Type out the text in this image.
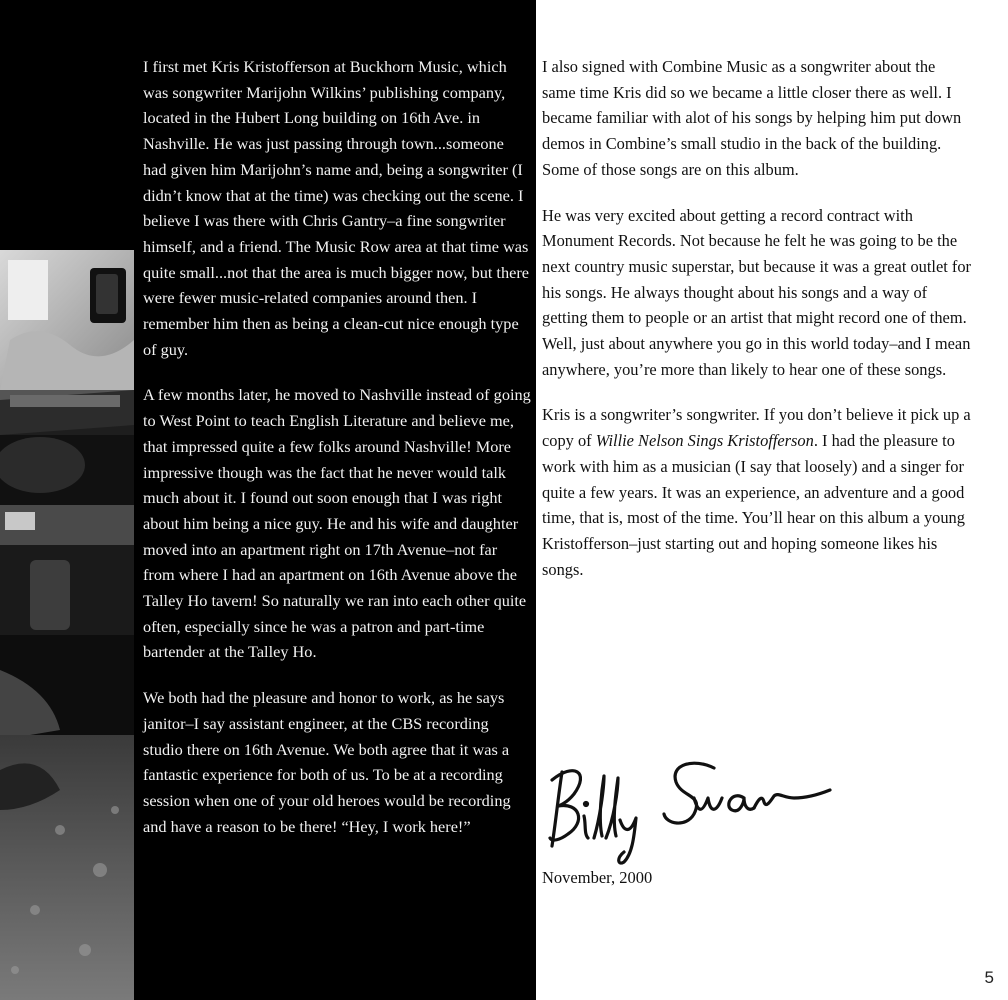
I first met Kris Kristofferson at Buckhorn Music, which was songwriter Marijohn Wilkins’ publishing company, located in the Hubert Long building on 16th Ave. in Nashville. He was just passing through town...someone had given him Marijohn’s name and, being a songwriter (I didn’t know that at the time) was checking out the scene. I believe I was there with Chris Gantry–a fine songwriter himself, and a friend. The Music Row area at that time was quite small...not that the area is much bigger now, but there were fewer music-related companies around then. I remember him then as being a clean-cut nice enough type of guy.

A few months later, he moved to Nashville instead of going to West Point to teach English Literature and believe me, that impressed quite a few folks around Nashville! More impressive though was the fact that he never would talk much about it. I found out soon enough that I was right about him being a nice guy. He and his wife and daughter moved into an apartment right on 17th Avenue–not far from where I had an apartment on 16th Avenue above the Talley Ho tavern! So naturally we ran into each other quite often, especially since he was a patron and part-time bartender at the Talley Ho.

We both had the pleasure and honor to work, as he says janitor–I say assistant engineer, at the CBS recording studio there on 16th Avenue. We both agree that it was a fantastic experience for both of us. To be at a recording session when one of your old heroes would be recording and have a reason to be there! “Hey, I work here!”

I also signed with Combine Music as a songwriter about the same time Kris did so we became a little closer there as well. I became familiar with alot of his songs by helping him put down demos in Combine’s small studio in the back of the building. Some of those songs are on this album.

He was very excited about getting a record contract with Monument Records. Not because he felt he was going to be the next country music superstar, but because it was a great outlet for his songs. He always thought about his songs and a way of getting them to people or an artist that might record one of them. Well, just about anywhere you go in this world today–and I mean anywhere, you’re more than likely to hear one of these songs.

Kris is a songwriter’s songwriter. If you don’t believe it pick up a copy of Willie Nelson Sings Kristofferson. I had the pleasure to work with him as a musician (I say that loosely) and a singer for quite a few years. It was an experience, an adventure and a good time, that is, most of the time. You’ll hear on this album a young Kristofferson–just starting out and hoping someone likes his songs.

November, 2000
5
